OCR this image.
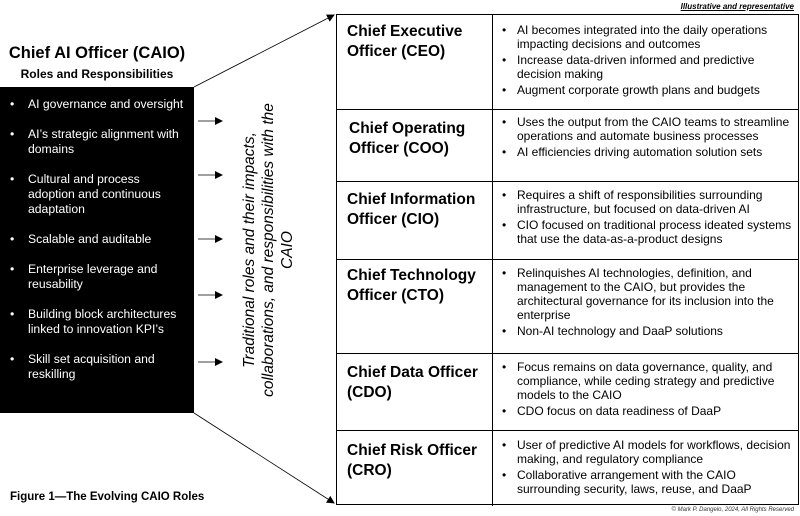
Illustrative and representative
Chief AI Officer (CAIO)
Roles and Responsibilities
• AI governance and oversight
• AI’s strategic alignment with domains
• Cultural and process adoption and continuous adaptation
• Scalable and auditable
• Enterprise leverage and reusability
• Building block architectures linked to innovation KPI’s
• Skill set acquisition and reskilling
Traditional roles and their impacts, collaborations, and responsibilities with the CAIO
Chief Executive Officer (CEO)
• AI becomes integrated into the daily operations impacting decisions and outcomes
• Increase data-driven informed and predictive decision making
• Augment corporate growth plans and budgets
Chief Operating Officer (COO)
• Uses the output from the CAIO teams to streamline operations and automate business processes
• AI efficiencies driving automation solution sets
Chief Information Officer (CIO)
• Requires a shift of responsibilities surrounding infrastructure, but focused on data-driven AI
• CIO focused on traditional process ideated systems that use the data-as-a-product designs
Chief Technology Officer (CTO)
• Relinquishes AI technologies, definition, and management to the CAIO, but provides the architectural governance for its inclusion into the enterprise
• Non-AI technology and DaaP solutions
Chief Data Officer (CDO)
• Focus remains on data governance, quality, and compliance, while ceding strategy and predictive models to the CAIO
• CDO focus on data readiness of DaaP
Chief Risk Officer (CRO)
• User of predictive AI models for workflows, decision making, and regulatory compliance
• Collaborative arrangement with the CAIO surrounding security, laws, reuse, and DaaP
Figure 1—The Evolving CAIO Roles
© Mark P. Dangelo, 2024, All Rights Reserved
